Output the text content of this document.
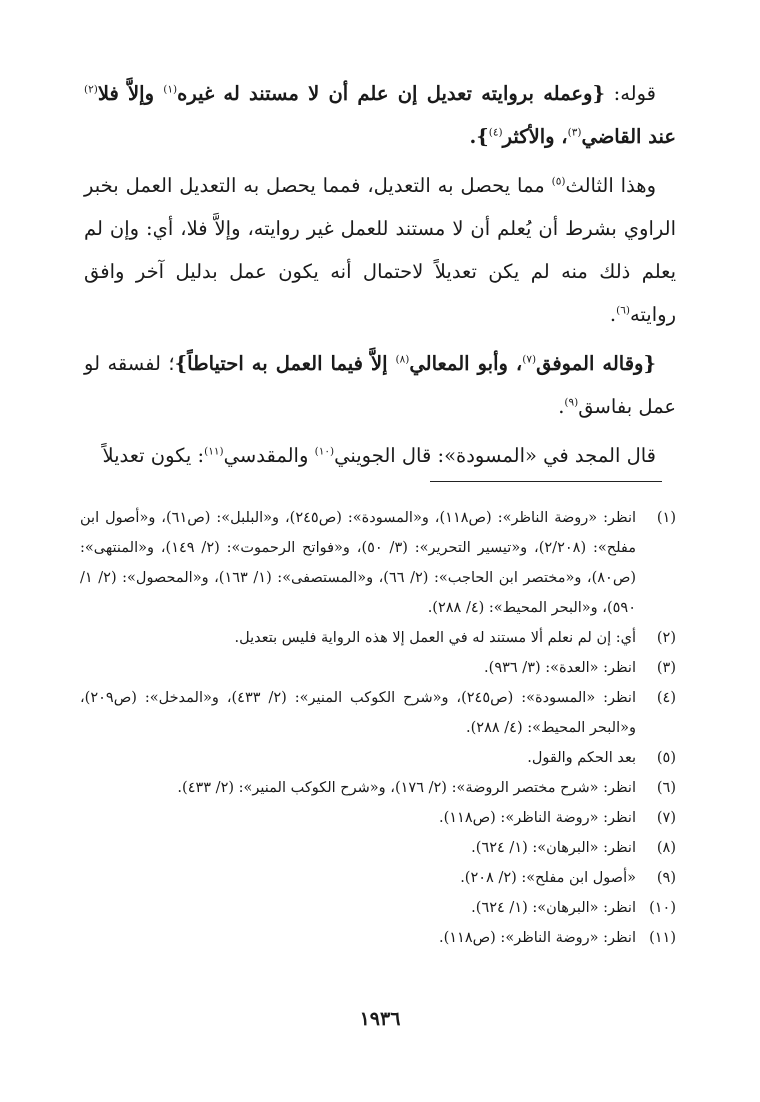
قوله: {وعمله بروايته تعديل إن علم أن لا مستند له غيره$^{(١)}$ وإلاَّ فلا$^{(٢)}$ عند القاضي$^{(٣)}$، والأكثر$^{(٤)}$}.

وهذا الثالث$^{(٥)}$ مما يحصل به التعديل، فمما يحصل به التعديل العمل بخبر الراوي بشرط أن يُعلم أن لا مستند للعمل غير روايته، وإلاَّ فلا، أي: وإن لم يعلم ذلك منه لم يكن تعديلاً لاحتمال أنه يكون عمل بدليل آخر وافق روايته$^{(٦)}$.

{وقاله الموفق$^{(٧)}$، وأبو المعالي$^{(٨)}$ إلاَّ فيما العمل به احتياطاً}؛ لفسقه لو عمل بفاسق$^{(٩)}$.

قال المجد في «المسودة»: قال الجويني$^{(١٠)}$ والمقدسي$^{(١١)}$: يكون تعديلاً

(١)
انظر: «روضة الناظر»: (ص١١٨)، و«المسودة»: (ص٢٤٥)، و«البلبل»: (ص٦١)، و«أصول ابن مفلح»: (٢/٢٠٨)، و«تيسير التحرير»: (٣/ ٥٠)، و«فواتح الرحموت»: (٢/ ١٤٩)، و«المنتهى»: (ص٨٠)، و«مختصر ابن الحاجب»: (٢/ ٦٦)، و«المستصفى»: (١/ ١٦٣)، و«المحصول»: (٢/ ١/ ٥٩٠)، و«البحر المحيط»: (٤/ ٢٨٨).
(٢)
أي: إن لم نعلم ألا مستند له في العمل إلا هذه الرواية فليس بتعديل.
(٣)
انظر: «العدة»: (٣/ ٩٣٦).
(٤)
انظر: «المسودة»: (ص٢٤٥)، و«شرح الكوكب المنير»: (٢/ ٤٣٣)، و«المدخل»: (ص٢٠٩)، و«البحر المحيط»: (٤/ ٢٨٨).
(٥)
بعد الحكم والقول.
(٦)
انظر: «شرح مختصر الروضة»: (٢/ ١٧٦)، و«شرح الكوكب المنير»: (٢/ ٤٣٣).
(٧)
انظر: «روضة الناظر»: (ص١١٨).
(٨)
انظر: «البرهان»: (١/ ٦٢٤).
(٩)
«أصول ابن مفلح»: (٢/ ٢٠٨).
(١٠)
انظر: «البرهان»: (١/ ٦٢٤).
(١١)
انظر: «روضة الناظر»: (ص١١٨).
١٩٣٦
